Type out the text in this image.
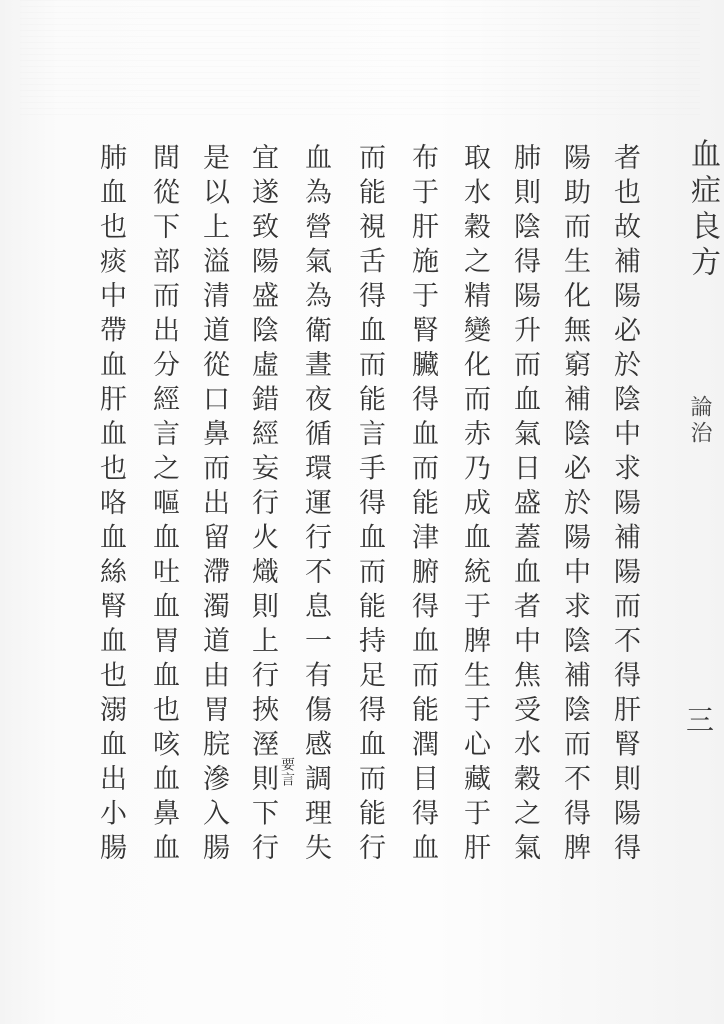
血症良方
論治
三
者也故補陽必於陰中求陽補陽而不得肝腎則陽得
陽助而生化無窮補陰必於陽中求陰補陰而不得脾
肺則陰得陽升而血氣日盛蓋血者中焦受水穀之氣
取水穀之精變化而赤乃成血統于脾生于心藏于肝
布于肝施于腎臟得血而能津腑得血而能潤目得血
而能視舌得血而能言手得血而能持足得血而能行
血為營氣為衛晝夜循環運行不息一有傷感調理失
宜遂致陽盛陰虛錯經妄行火熾則上行挾溼則下行
是以上溢清道從口鼻而出留滯濁道由胃脘滲入腸
間從下部而出分經言之嘔血吐血胃血也咳血鼻血
肺血也痰中帶血肝血也咯血絲腎血也溺血出小腸	要言
